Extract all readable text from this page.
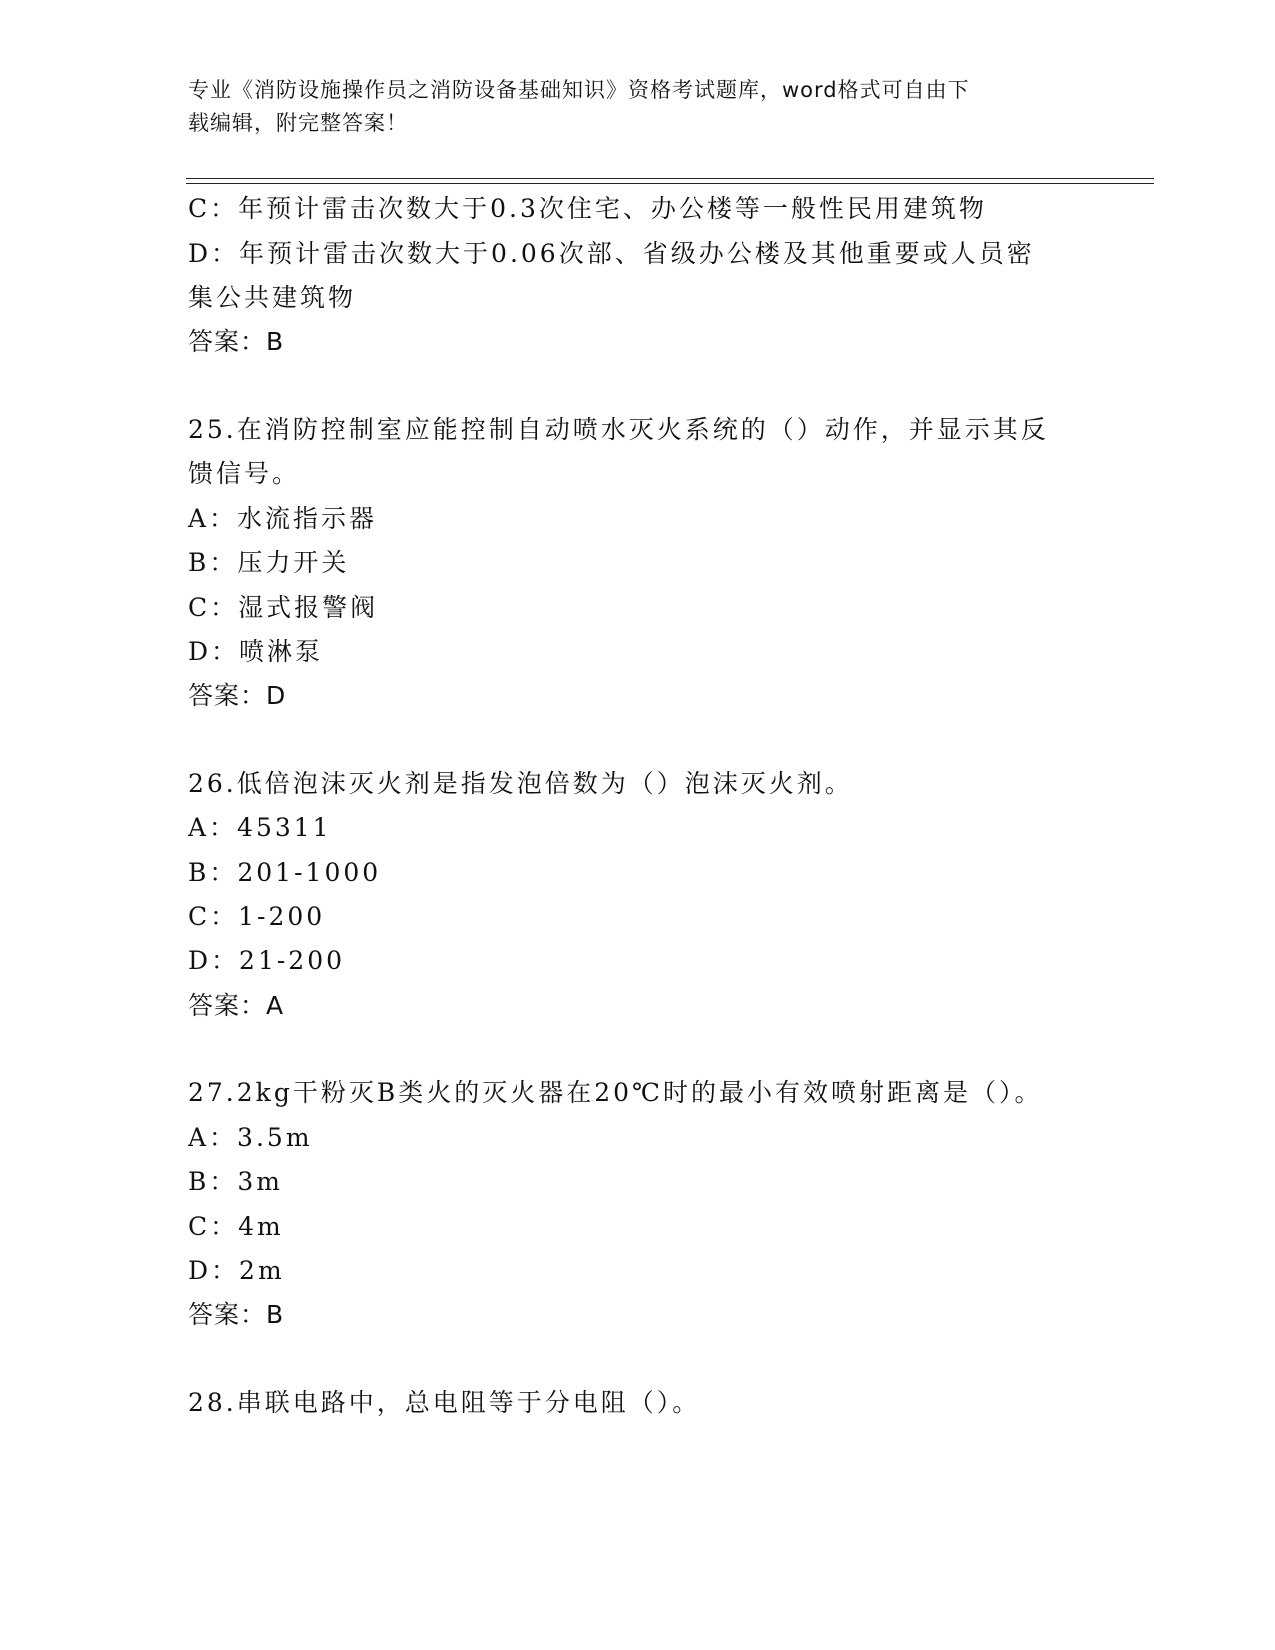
专业《消防设施操作员之消防设备基础知识》资格考试题库，word格式可自由下
载编辑，附完整答案！
C：年预计雷击次数大于0.3次住宅、办公楼等一般性民用建筑物
D：年预计雷击次数大于0.06次部、省级办公楼及其他重要或人员密
集公共建筑物
答案：B
25.在消防控制室应能控制自动喷水灭火系统的（）动作，并显示其反
馈信号。
A：水流指示器
B：压力开关
C：湿式报警阀
D：喷淋泵
答案：D
26.低倍泡沫灭火剂是指发泡倍数为（）泡沫灭火剂。
A：45311
B：201-1000
C：1-200
D：21-200
答案：A
27.2kg干粉灭B类火的灭火器在20℃时的最小有效喷射距离是（）。
A：3.5m
B：3m
C：4m
D：2m
答案：B
28.串联电路中，总电阻等于分电阻（）。
